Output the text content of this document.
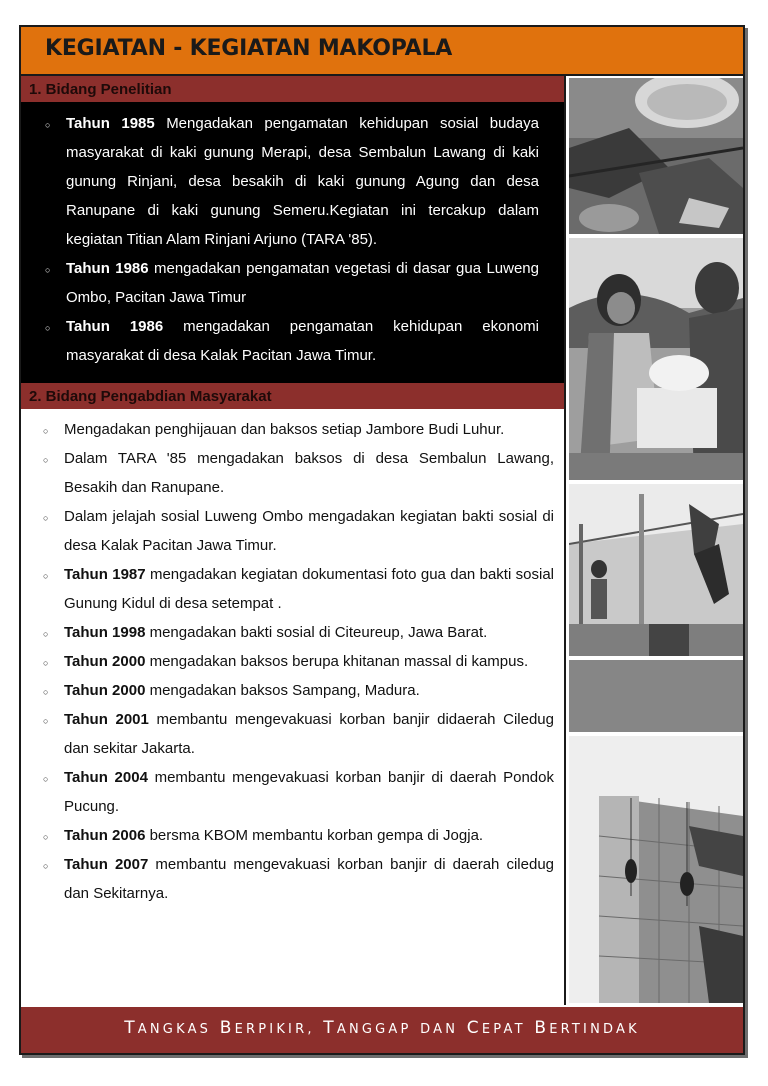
KEGIATAN - KEGIATAN MAKOPALA
1. Bidang Penelitian
○ Tahun 1985 Mengadakan pengamatan kehidupan sosial budaya masyarakat di kaki gunung Merapi, desa Sembalun Lawang di kaki gunung Rinjani, desa besakih di kaki gunung Agung dan desa Ranupane di kaki gunung Semeru.Kegiatan ini tercakup dalam kegiatan Titian Alam Rinjani Arjuno (TARA '85).
○ Tahun 1986 mengadakan pengamatan vegetasi di dasar gua Luweng Ombo, Pacitan Jawa Timur
○ Tahun 1986 mengadakan pengamatan kehidupan ekonomi masyarakat di desa Kalak Pacitan Jawa Timur.
2. Bidang Pengabdian Masyarakat
○ Mengadakan penghijauan dan baksos setiap Jambore Budi Luhur.
○ Dalam TARA '85 mengadakan baksos di desa Sembalun Lawang, Besakih dan Ranupane.
○ Dalam jelajah sosial Luweng Ombo mengadakan kegiatan bakti sosial di desa Kalak Pacitan Jawa Timur.
○ Tahun 1987 mengadakan kegiatan dokumentasi foto gua dan bakti sosial Gunung Kidul di desa setempat .
○ Tahun 1998 mengadakan bakti sosial di Citeureup, Jawa Barat.
○ Tahun 2000 mengadakan baksos berupa khitanan massal di kampus.
○ Tahun 2000 mengadakan baksos Sampang, Madura.
○ Tahun 2001 membantu mengevakuasi korban banjir didaerah Ciledug dan sekitar Jakarta.
○ Tahun 2004 membantu mengevakuasi korban banjir di daerah Pondok Pucung.
○ Tahun 2006 bersma KBOM membantu korban gempa di Jogja.
○ Tahun 2007 membantu mengevakuasi korban banjir di daerah ciledug dan Sekitarnya.
TANGKAS BERPIKIR, TANGGAP DAN CEPAT BERTINDAK
